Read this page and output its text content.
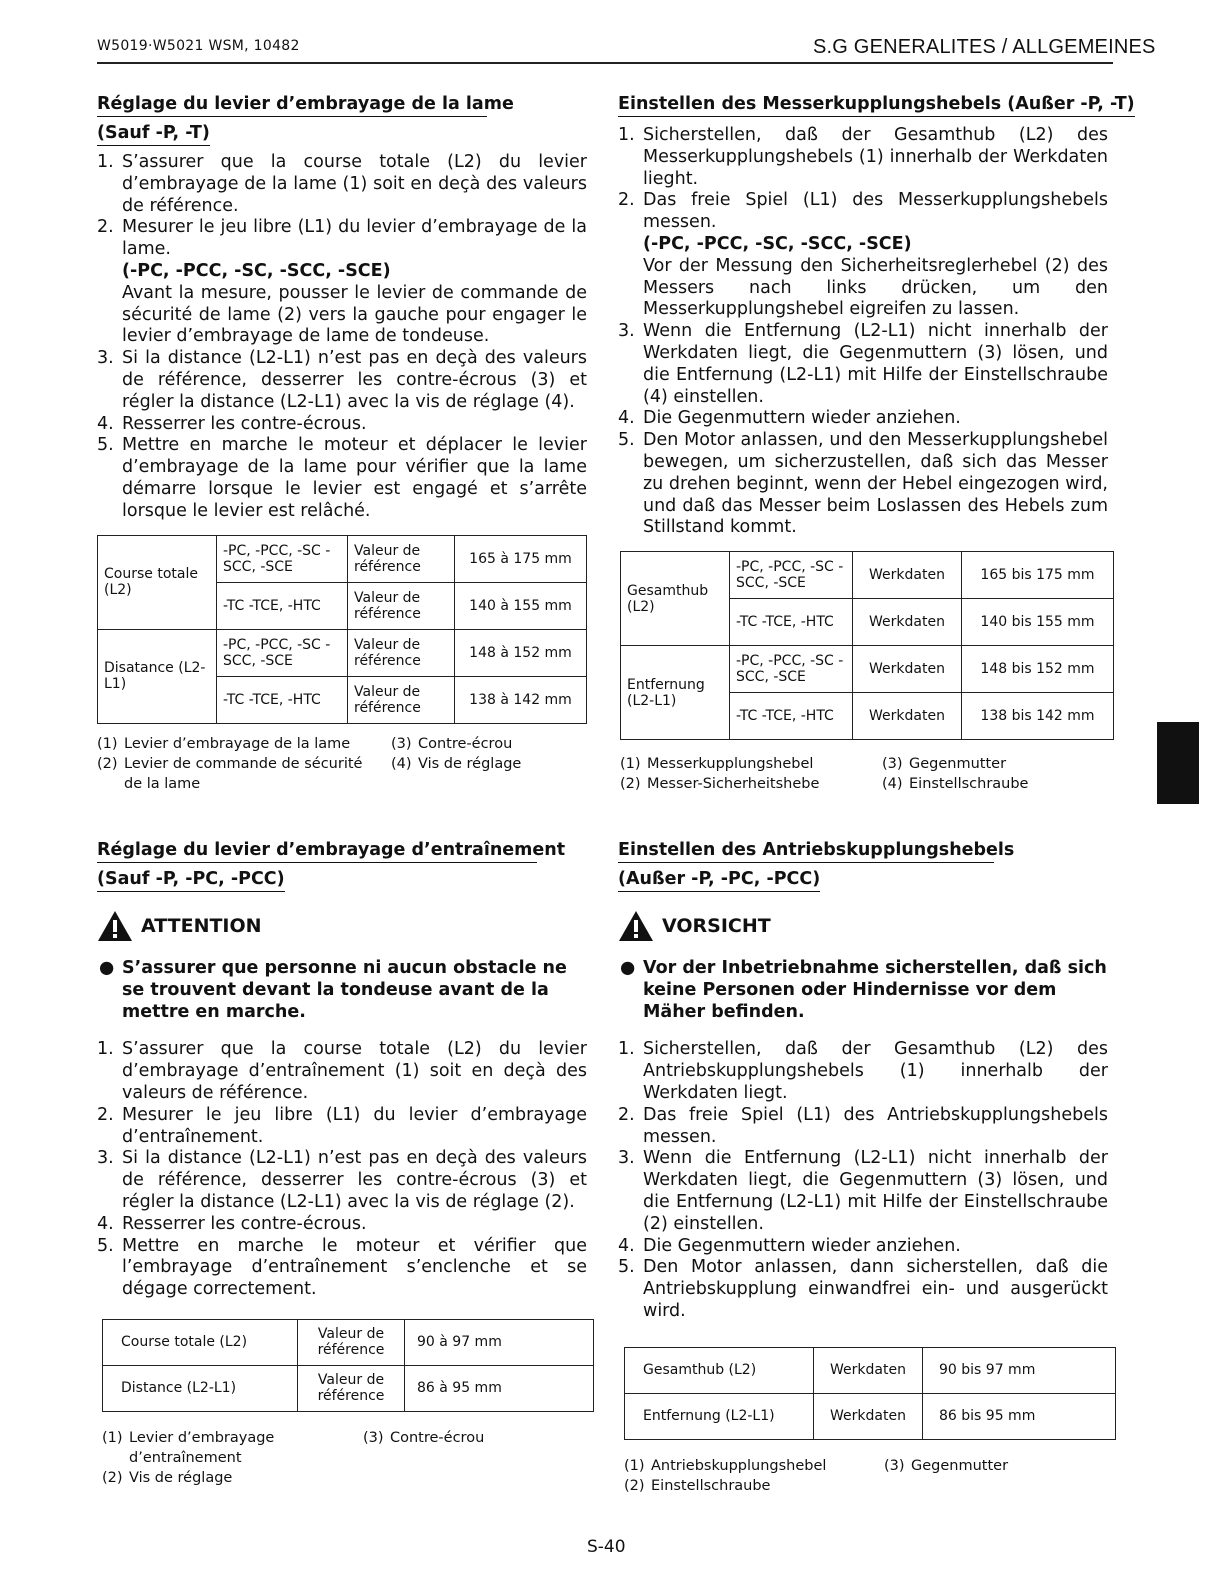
W5019·W5021 WSM, 10482	S.G GENERALITES / ALLGEMEINES
Réglage du levier d’embrayage de la lame
(Sauf -P, -T)
1. S’assurer que la course totale (L2) du levier d’embrayage de la lame (1) soit en deçà des valeurs de référence.
2. Mesurer le jeu libre (L1) du levier d’embrayage de la lame.
(-PC, -PCC, -SC, -SCC, -SCE)
Avant la mesure, pousser le levier de commande de sécurité de lame (2) vers la gauche pour engager le levier d’embrayage de lame de tondeuse.
3. Si la distance (L2-L1) n’est pas en deçà des valeurs de référence, desserrer les contre-écrous (3) et régler la distance (L2-L1) avec la vis de réglage (4).
4. Resserrer les contre-écrous.
5. Mettre en marche le moteur et déplacer le levier d’embrayage de la lame pour vérifier que la lame démarre lorsque le levier est engagé et s’arrête lorsque le levier est relâché.
Course totale (L2)	-PC, -PCC, -SC -SCC, -SCE	Valeur de référence	165 à 175 mm
	-TC -TCE, -HTC	Valeur de référence	140 à 155 mm
Disatance (L2-L1)	-PC, -PCC, -SC -SCC, -SCE	Valeur de référence	148 à 152 mm
	-TC -TCE, -HTC	Valeur de référence	138 à 142 mm
(1) Levier d’embrayage de la lame
(2) Levier de commande de sécurité de la lame
(3) Contre-écrou
(4) Vis de réglage
Réglage du levier d’embrayage d’entraînement
(Sauf -P, -PC, -PCC)
ATTENTION
● S’assurer que personne ni aucun obstacle ne se trouvent devant la tondeuse avant de la mettre en marche.
1. S’assurer que la course totale (L2) du levier d’embrayage d’entraînement (1) soit en deçà des valeurs de référence.
2. Mesurer le jeu libre (L1) du levier d’embrayage d’entraînement.
3. Si la distance (L2-L1) n’est pas en deçà des valeurs de référence, desserrer les contre-écrous (3) et régler la distance (L2-L1) avec la vis de réglage (2).
4. Resserrer les contre-écrous.
5. Mettre en marche le moteur et vérifier que l’embrayage d’entraînement s’enclenche et se dégage correctement.
Course totale (L2)	Valeur de référence	90 à 97 mm
Distance (L2-L1)	Valeur de référence	86 à 95 mm
(1) Levier d’embrayage d’entraînement
(2) Vis de réglage
(3) Contre-écrou
Einstellen des Messerkupplungshebels (Außer -P, -T)
1. Sicherstellen, daß der Gesamthub (L2) des Messerkupplungshebels (1) innerhalb der Werkdaten lieght.
2. Das freie Spiel (L1) des Messerkupplungshebels messen.
(-PC, -PCC, -SC, -SCC, -SCE)
Vor der Messung den Sicherheitsreglerhebel (2) des Messers nach links drücken, um den Messerkupplungshebel eigreifen zu lassen.
3. Wenn die Entfernung (L2-L1) nicht innerhalb der Werkdaten liegt, die Gegenmuttern (3) lösen, und die Entfernung (L2-L1) mit Hilfe der Einstellschraube (4) einstellen.
4. Die Gegenmuttern wieder anziehen.
5. Den Motor anlassen, und den Messerkupplungshebel bewegen, um sicherzustellen, daß sich das Messer zu drehen beginnt, wenn der Hebel eingezogen wird, und daß das Messer beim Loslassen des Hebels zum Stillstand kommt.
Gesamthub (L2)	-PC, -PCC, -SC -SCC, -SCE	Werkdaten	165 bis 175 mm
	-TC -TCE, -HTC	Werkdaten	140 bis 155 mm
Entfernung (L2-L1)	-PC, -PCC, -SC -SCC, -SCE	Werkdaten	148 bis 152 mm
	-TC -TCE, -HTC	Werkdaten	138 bis 142 mm
(1) Messerkupplungshebel
(2) Messer-Sicherheitshebe
(3) Gegenmutter
(4) Einstellschraube
Einstellen des Antriebskupplungshebels
(Außer -P, -PC, -PCC)
VORSICHT
● Vor der Inbetriebnahme sicherstellen, daß sich keine Personen oder Hindernisse vor dem Mäher befinden.
1. Sicherstellen, daß der Gesamthub (L2) des Antriebskupplungshebels (1) innerhalb der Werkdaten liegt.
2. Das freie Spiel (L1) des Antriebskupplungshebels messen.
3. Wenn die Entfernung (L2-L1) nicht innerhalb der Werkdaten liegt, die Gegenmuttern (3) lösen, und die Entfernung (L2-L1) mit Hilfe der Einstellschraube (2) einstellen.
4. Die Gegenmuttern wieder anziehen.
5. Den Motor anlassen, dann sicherstellen, daß die Antriebskupplung einwandfrei ein- und ausgerückt wird.
Gesamthub (L2)	Werkdaten	90 bis 97 mm
Entfernung (L2-L1)	Werkdaten	86 bis 95 mm
(1) Antriebskupplungshebel
(2) Einstellschraube
(3) Gegenmutter
S-40
